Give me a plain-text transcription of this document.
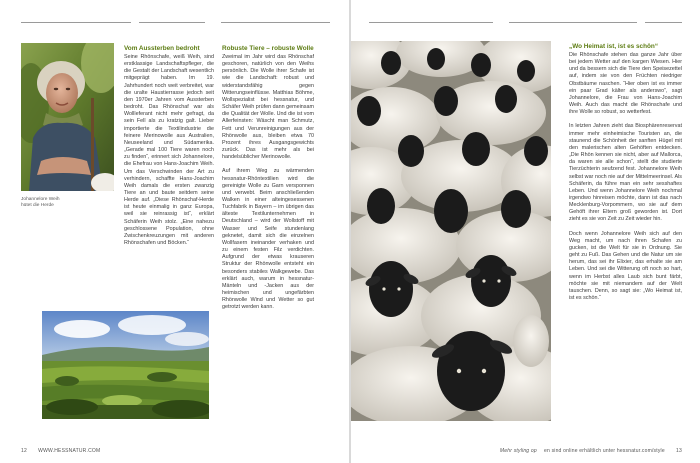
Johannelore Weih
hütet die Herde
Vom Aussterben bedroht

Seine Rhönschafe, weiß Weih, sind erstklassige Landschaftspfleger, die die Gestalt der Landschaft wesentlich mitgeprägt haben. Im 19. Jahrhundert noch weit verbreitet, war die uralte Haustierrasse jedoch seit den 1970er Jahren vom Aussterben bedroht. Das Rhönschaf war als Wollleferant nicht mehr gefragt, da sein Fell als zu kratzig galt. Lieber importierte die Textilindustrie die feinere Merinowolle aus Australien, Neuseeland und Südamerika. „Gerade mal 100 Tiere waren noch zu finden“, erinnert sich Johannelore, die Ehefrau von Hans-Joachim Weih. Um das Verschwinden der Art zu verhindern, schaffte Hans-Joachim Weih damals die ersten zwanzig Tiere an und baute seitdem seine Herde auf. „Diese Rhönschaf-Herde ist heute einmalig in ganz Europa, weil sie reinrassig ist“, erklärt Schäferin Weih stolz. „Eine nahezu geschlossene Population, ohne Zwischenkreuzungen mit anderen Rhönschafen und Böcken.“

Robuste Tiere – robuste Wolle

Zweimal im Jahr wird das Rhönschaf geschoren, natürlich von den Weihs persönlich. Die Wolle ihrer Schafe ist wie die Landschaft: robust und widerstandsfähig gegen Witterungseinflüsse. Matthias Böhme, Wollspezialist bei hessnatur, und Schäfer Weih prüfen dann gemeinsam die Qualität der Wolle. Und die ist vom Allerfeinsten: Wäscht man Schmutz, Fett und Verunreinigungen aus der Rhönwolle aus, bleiben etwa 70 Prozent ihres Ausgangsgewichts zurück. Das ist mehr als bei handelsüblicher Merinowolle.

Auf ihrem Weg zu wärmenden hessnatur-Rhöntextilien wird die gereinigte Wolle zu Garn versponnen und verwebt. Beim anschließenden Walken in einer alteingesessenen Tuchfabrik in Bayern – im übrigen das älteste Textilunternehmen in Deutschland – wird der Wollstoff mit Wasser und Seife stundenlang geknetet, damit sich die einzelnen Wollfasern ineinander verhaken und zu einem festen Filz verdichten. Aufgrund der etwas krauseren Struktur der Rhönwolle entsteht ein besonders stabiles Walkgewebe. Das erklärt auch, warum in hessnatur-Mänteln und -Jacken aus der heimischen und ungefärbten Rhönwolle Wind und Wetter so gut getrotzt werden kann.

12 WWW.HESSNATUR.COM
„Wo Heimat ist, ist es schön“

Die Rhönschafe stehen das ganze Jahr über bei jedem Wetter auf den kargen Wiesen. Hier und da bessern sich die Tiere den Speisezettel auf, indem sie von den Früchten niedriger Obstbäume naschen. “Hier oben ist es immer ein paar Grad kälter als anderswo”, sagt Johannelore, die Frau von Hans-Joachim Weih. Auch das macht die Rhönschafe und ihre Wolle so robust, so wetterfest.

In letzten Jahren zieht das Biosphärenreservat immer mehr einheimische Touristen an, die staunend die Schönheit der sanften Hügel mit den malerischen alten Gehöften entdecken. „Die Rhön kennen sie nicht, aber auf Mallorca, da waren sie alle schon“, stellt die studierte Tierzüchterin seufzend fest. Johannelore Weih selbst war noch nie auf der Mittelmeerinsel. Als Schäferin, da führe man ein sehr sesshaftes Leben. Und wenn Johannelore Weih nochmal irgendwo hinreisen möchte, dann ist das nach Mecklenburg-Vorpommern, wo sie auf dem Gehöft ihrer Eltern groß geworden ist. Dort zieht es sie von Zeit zu Zeit wieder hin.

Doch wenn Johannelore Weih sich auf den Weg macht, um nach ihren Schafen zu gucken, ist die Welt für sie in Ordnung. Sie geht zu Fuß. Das Gehen und die Natur um sie herum, das sei ihr Elixier, das erhalte sie am Leben. Und sei die Witterung oft noch so hart, wenn im Herbst alles Laub sich bunt färbt, möchte sie mit niemandem auf der Welt tauschen. Denn, so sagt sie: „Wo Heimat ist, ist es schön.“

Mehr styling op en sind online erhältlich unter hessnatur.com/style 13
